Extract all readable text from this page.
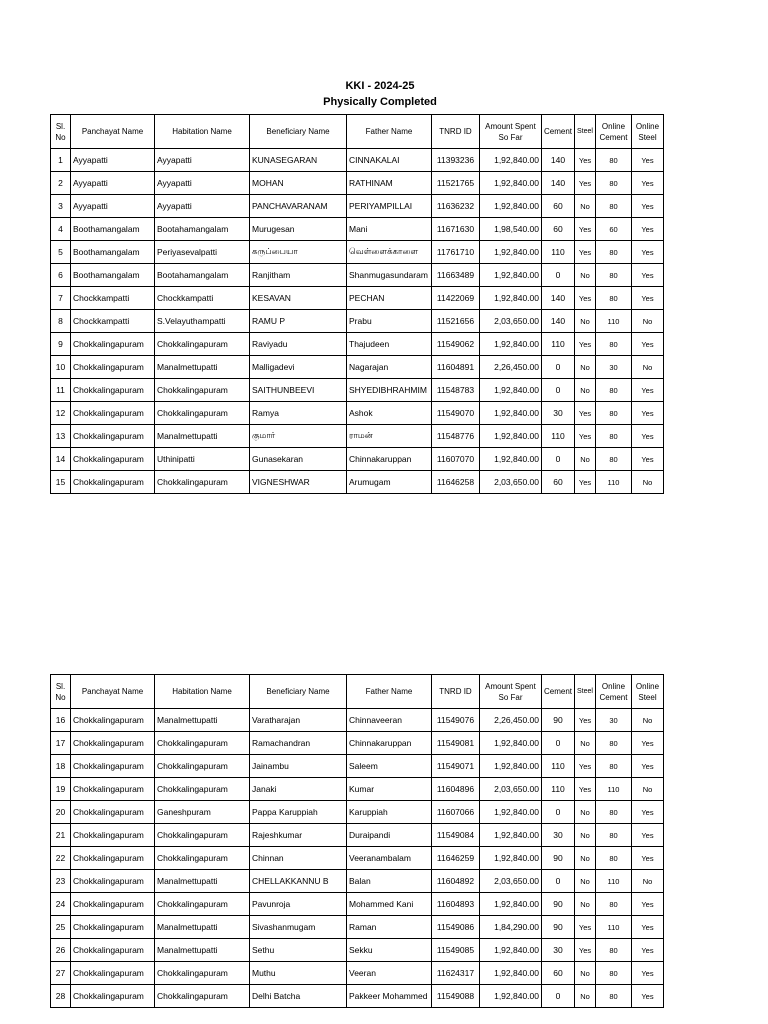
KKI - 2024-25
Physically Completed
Sl. No	Panchayat Name	Habitation Name	Beneficiary Name	Father Name	TNRD ID	Amount Spent So Far	Cement	Steel	Online Cement	Online Steel
1	Ayyapatti	Ayyapatti	KUNASEGARAN	CINNAKALAI	11393236	1,92,840.00	140	Yes	80	Yes
2	Ayyapatti	Ayyapatti	MOHAN	RATHINAM	11521765	1,92,840.00	140	Yes	80	Yes
3	Ayyapatti	Ayyapatti	PANCHAVARANAM	PERIYAMPILLAI	11636232	1,92,840.00	60	No	80	Yes
4	Boothamangalam	Bootahamangalam	Murugesan	Mani	11671630	1,98,540.00	60	Yes	60	Yes
5	Boothamangalam	Periyasevalpatti	கருப்பையா	வெள்ளைக்காளை	11761710	1,92,840.00	110	Yes	80	Yes
6	Boothamangalam	Bootahamangalam	Ranjitham	Shanmugasundaram	11663489	1,92,840.00	0	No	80	Yes
7	Chockkampatti	Chockkampatti	KESAVAN	PECHAN	11422069	1,92,840.00	140	Yes	80	Yes
8	Chockkampatti	S.Velayuthampatti	RAMU P	Prabu	11521656	2,03,650.00	140	No	110	No
9	Chokkalingapuram	Chokkalingapuram	Raviyadu	Thajudeen	11549062	1,92,840.00	110	Yes	80	Yes
10	Chokkalingapuram	Manalmettupatti	Malligadevi	Nagarajan	11604891	2,26,450.00	0	No	30	No
11	Chokkalingapuram	Chokkalingapuram	SAITHUNBEEVI	SHYEDIBHRAHMIM	11548783	1,92,840.00	0	No	80	Yes
12	Chokkalingapuram	Chokkalingapuram	Ramya	Ashok	11549070	1,92,840.00	30	Yes	80	Yes
13	Chokkalingapuram	Manalmettupatti	குமார்	ராமன்	11548776	1,92,840.00	110	Yes	80	Yes
14	Chokkalingapuram	Uthinipatti	Gunasekaran	Chinnakaruppan	11607070	1,92,840.00	0	No	80	Yes
15	Chokkalingapuram	Chokkalingapuram	VIGNESHWAR	Arumugam	11646258	2,03,650.00	60	Yes	110	No
Sl. No	Panchayat Name	Habitation Name	Beneficiary Name	Father Name	TNRD ID	Amount Spent So Far	Cement	Steel	Online Cement	Online Steel
16	Chokkalingapuram	Manalmettupatti	Varatharajan	Chinnaveeran	11549076	2,26,450.00	90	Yes	30	No
17	Chokkalingapuram	Chokkalingapuram	Ramachandran	Chinnakaruppan	11549081	1,92,840.00	0	No	80	Yes
18	Chokkalingapuram	Chokkalingapuram	Jainambu	Saleem	11549071	1,92,840.00	110	Yes	80	Yes
19	Chokkalingapuram	Chokkalingapuram	Janaki	Kumar	11604896	2,03,650.00	110	Yes	110	No
20	Chokkalingapuram	Ganeshpuram	Pappa Karuppiah	Karuppiah	11607066	1,92,840.00	0	No	80	Yes
21	Chokkalingapuram	Chokkalingapuram	Rajeshkumar	Duraipandi	11549084	1,92,840.00	30	No	80	Yes
22	Chokkalingapuram	Chokkalingapuram	Chinnan	Veeranambalam	11646259	1,92,840.00	90	No	80	Yes
23	Chokkalingapuram	Manalmettupatti	CHELLAKKANNU B	Balan	11604892	2,03,650.00	0	No	110	No
24	Chokkalingapuram	Chokkalingapuram	Pavunroja	Mohammed Kani	11604893	1,92,840.00	90	No	80	Yes
25	Chokkalingapuram	Manalmettupatti	Sivashanmugam	Raman	11549086	1,84,290.00	90	Yes	110	Yes
26	Chokkalingapuram	Manalmettupatti	Sethu	Sekku	11549085	1,92,840.00	30	Yes	80	Yes
27	Chokkalingapuram	Chokkalingapuram	Muthu	Veeran	11624317	1,92,840.00	60	No	80	Yes
28	Chokkalingapuram	Chokkalingapuram	Delhi Batcha	Pakkeer Mohammed	11549088	1,92,840.00	0	No	80	Yes
